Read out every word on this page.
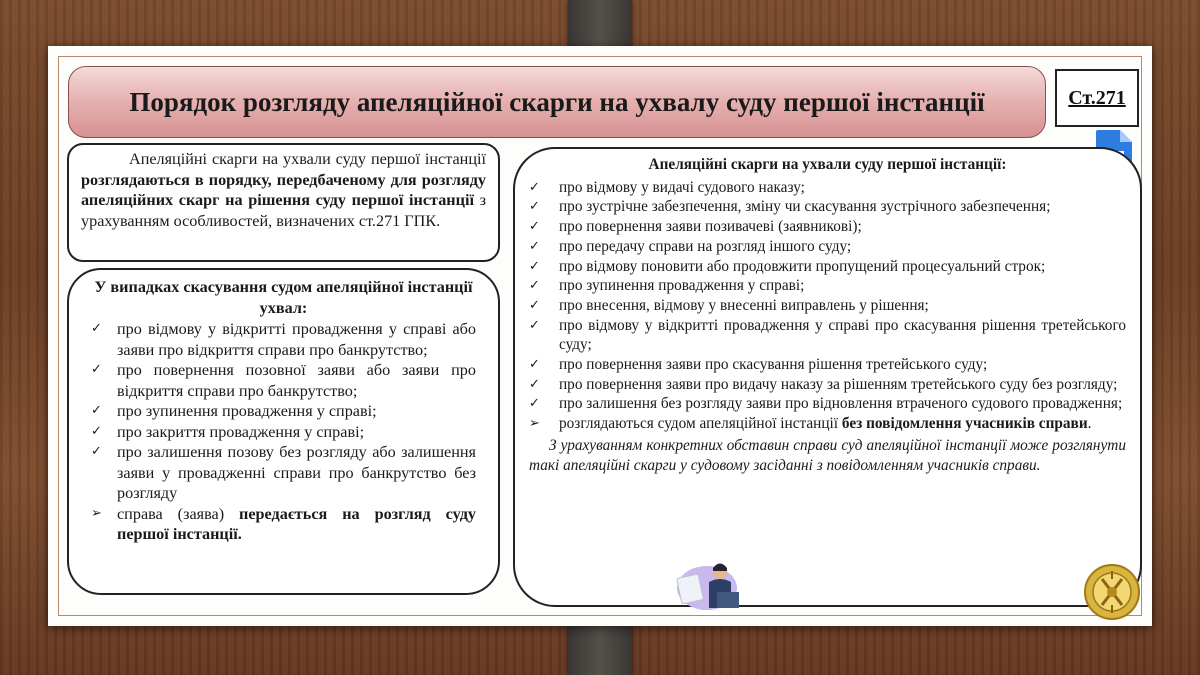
Порядок розгляду апеляційної скарги на ухвалу суду першої інстанції	Ст.271

Апеляційні скарги на ухвали суду першої інстанції розглядаються в порядку, передбаченому для розгляду апеляційних скарг на рішення суду першої інстанції з урахуванням особливостей, визначених ст.271 ГПК.

У випадках скасування судом апеляційної інстанції ухвал:
✓ про відмову у відкритті провадження у справі або заяви про відкриття справи про банкрутство;
✓ про повернення позовної заяви або заяви про відкриття справи про банкрутство;
✓ про зупинення провадження у справі;
✓ про закриття провадження у справі;
✓ про залишення позову без розгляду або залишення заяви у провадженні справи про банкрутство без розгляду
➢ справа (заява) передається на розгляд суду першої інстанції.
Апеляційні скарги на ухвали суду першої інстанції:
✓	про відмову у видачі судового наказу;
✓	про зустрічне забезпечення, зміну чи скасування зустрічного забезпечення;
✓	про повернення заяви позивачеві (заявникові);
✓	про передачу справи на розгляд іншого суду;
✓	про відмову поновити або продовжити пропущений процесуальний строк;
✓	про зупинення провадження у справі;
✓	про внесення, відмову у внесенні виправлень у рішення;
✓	про відмову у відкритті провадження у справі про скасування рішення третейського суду;
✓	про повернення заяви про скасування рішення третейського суду;
✓	про повернення заяви про видачу наказу за рішенням третейського суду без розгляду;
✓	про залишення без розгляду заяви про відновлення втраченого судового провадження;
➢	розглядаються судом апеляційної інстанції без повідомлення учасників справи.
З урахуванням конкретних обставин справи суд апеляційної інстанції може розглянути такі апеляційні скарги у судовому засіданні з повідомленням учасників справи.
